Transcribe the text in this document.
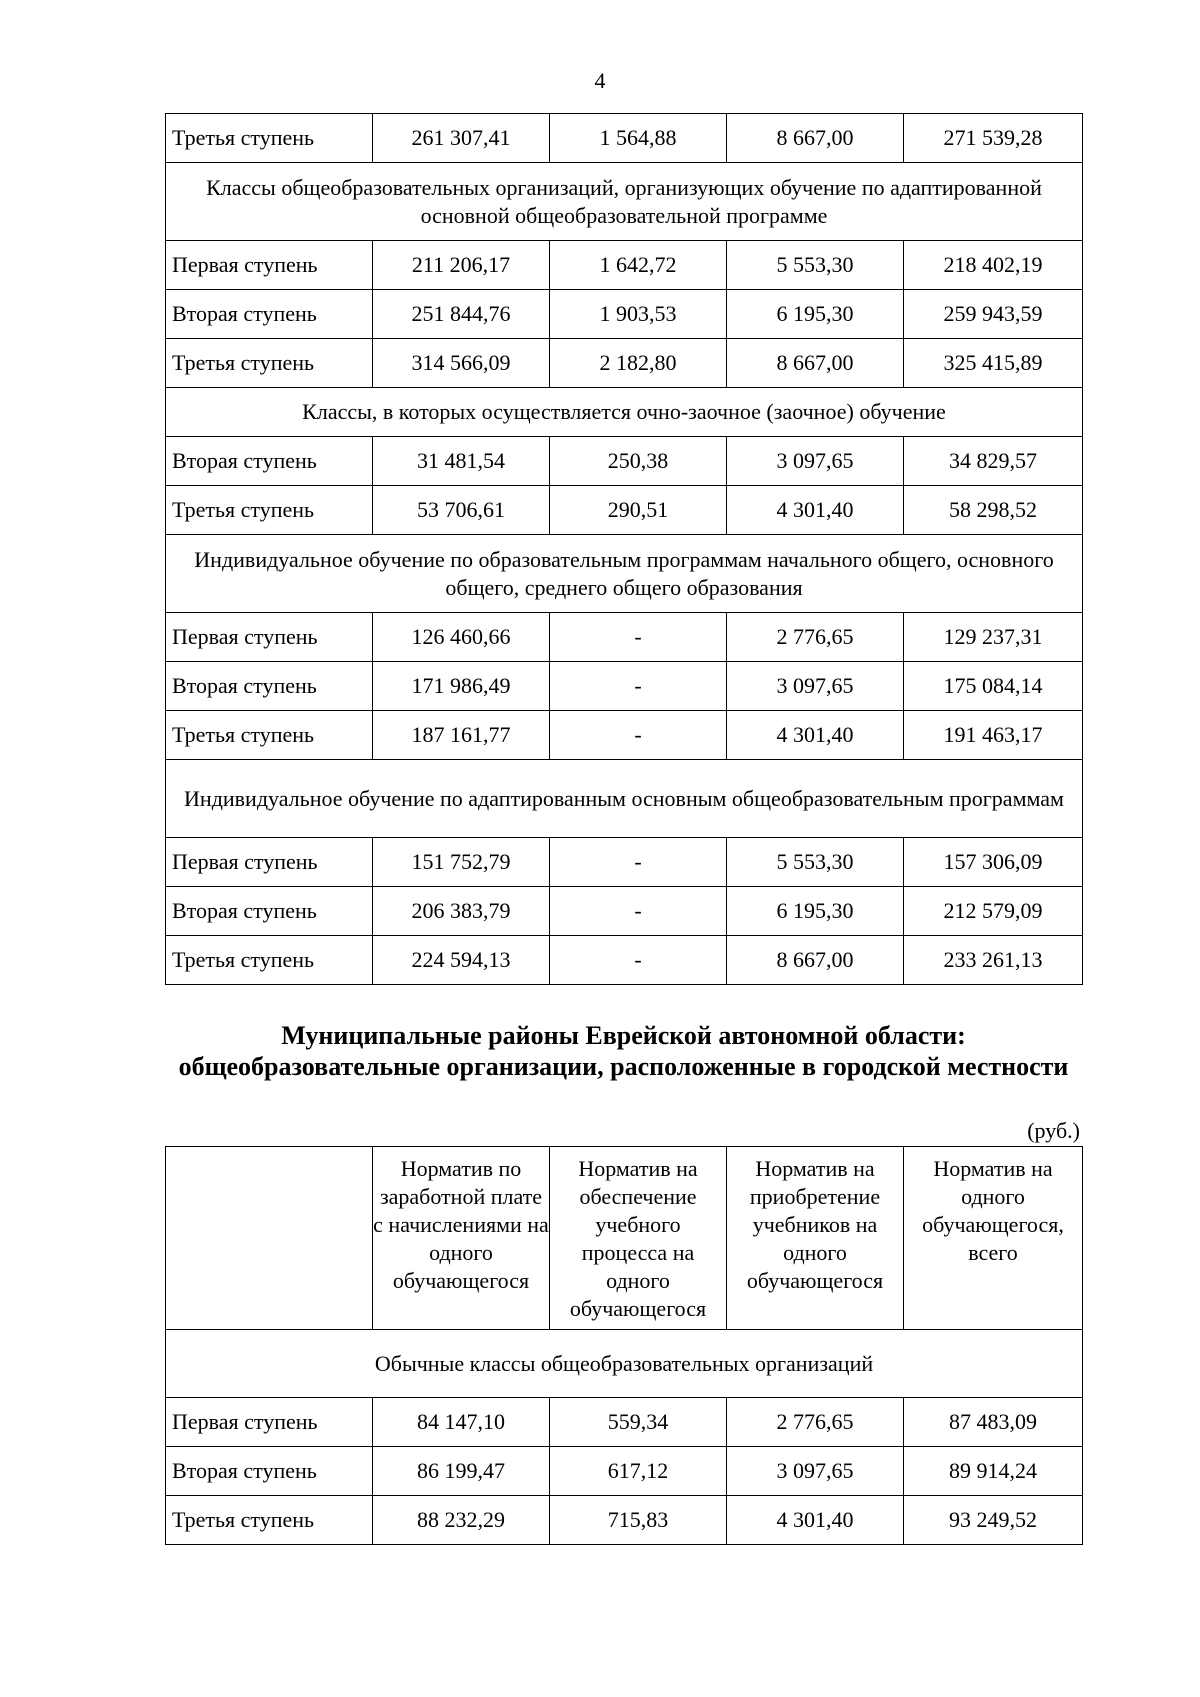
4
Третья ступень	261 307,41	1 564,88	8 667,00	271 539,28
Классы общеобразовательных организаций, организующих обучение по адаптированной основной общеобразовательной программе				
Первая ступень	211 206,17	1 642,72	5 553,30	218 402,19
Вторая ступень	251 844,76	1 903,53	6 195,30	259 943,59
Третья ступень	314 566,09	2 182,80	8 667,00	325 415,89
Классы, в которых осуществляется очно-заочное (заочное) обучение				
Вторая ступень	31 481,54	250,38	3 097,65	34 829,57
Третья ступень	53 706,61	290,51	4 301,40	58 298,52
Индивидуальное обучение по образовательным программам начального общего, основного общего, среднего общего образования				
Первая ступень	126 460,66	-	2 776,65	129 237,31
Вторая ступень	171 986,49	-	3 097,65	175 084,14
Третья ступень	187 161,77	-	4 301,40	191 463,17
Индивидуальное обучение по адаптированным основным общеобразовательным программам				
Первая ступень	151 752,79	-	5 553,30	157 306,09
Вторая ступень	206 383,79	-	6 195,30	212 579,09
Третья ступень	224 594,13	-	8 667,00	233 261,13
Муниципальные районы Еврейской автономной области: общеобразовательные организации, расположенные в городской местности
(руб.)
	Норматив по заработной плате с начислениями на одного обучающегося	Норматив на обеспечение учебного процесса на одного обучающегося	Норматив на приобретение учебников на одного обучающегося	Норматив на одного обучающегося, всего
Обычные классы общеобразовательных организаций				
Первая ступень	84 147,10	559,34	2 776,65	87 483,09
Вторая ступень	86 199,47	617,12	3 097,65	89 914,24
Третья ступень	88 232,29	715,83	4 301,40	93 249,52
